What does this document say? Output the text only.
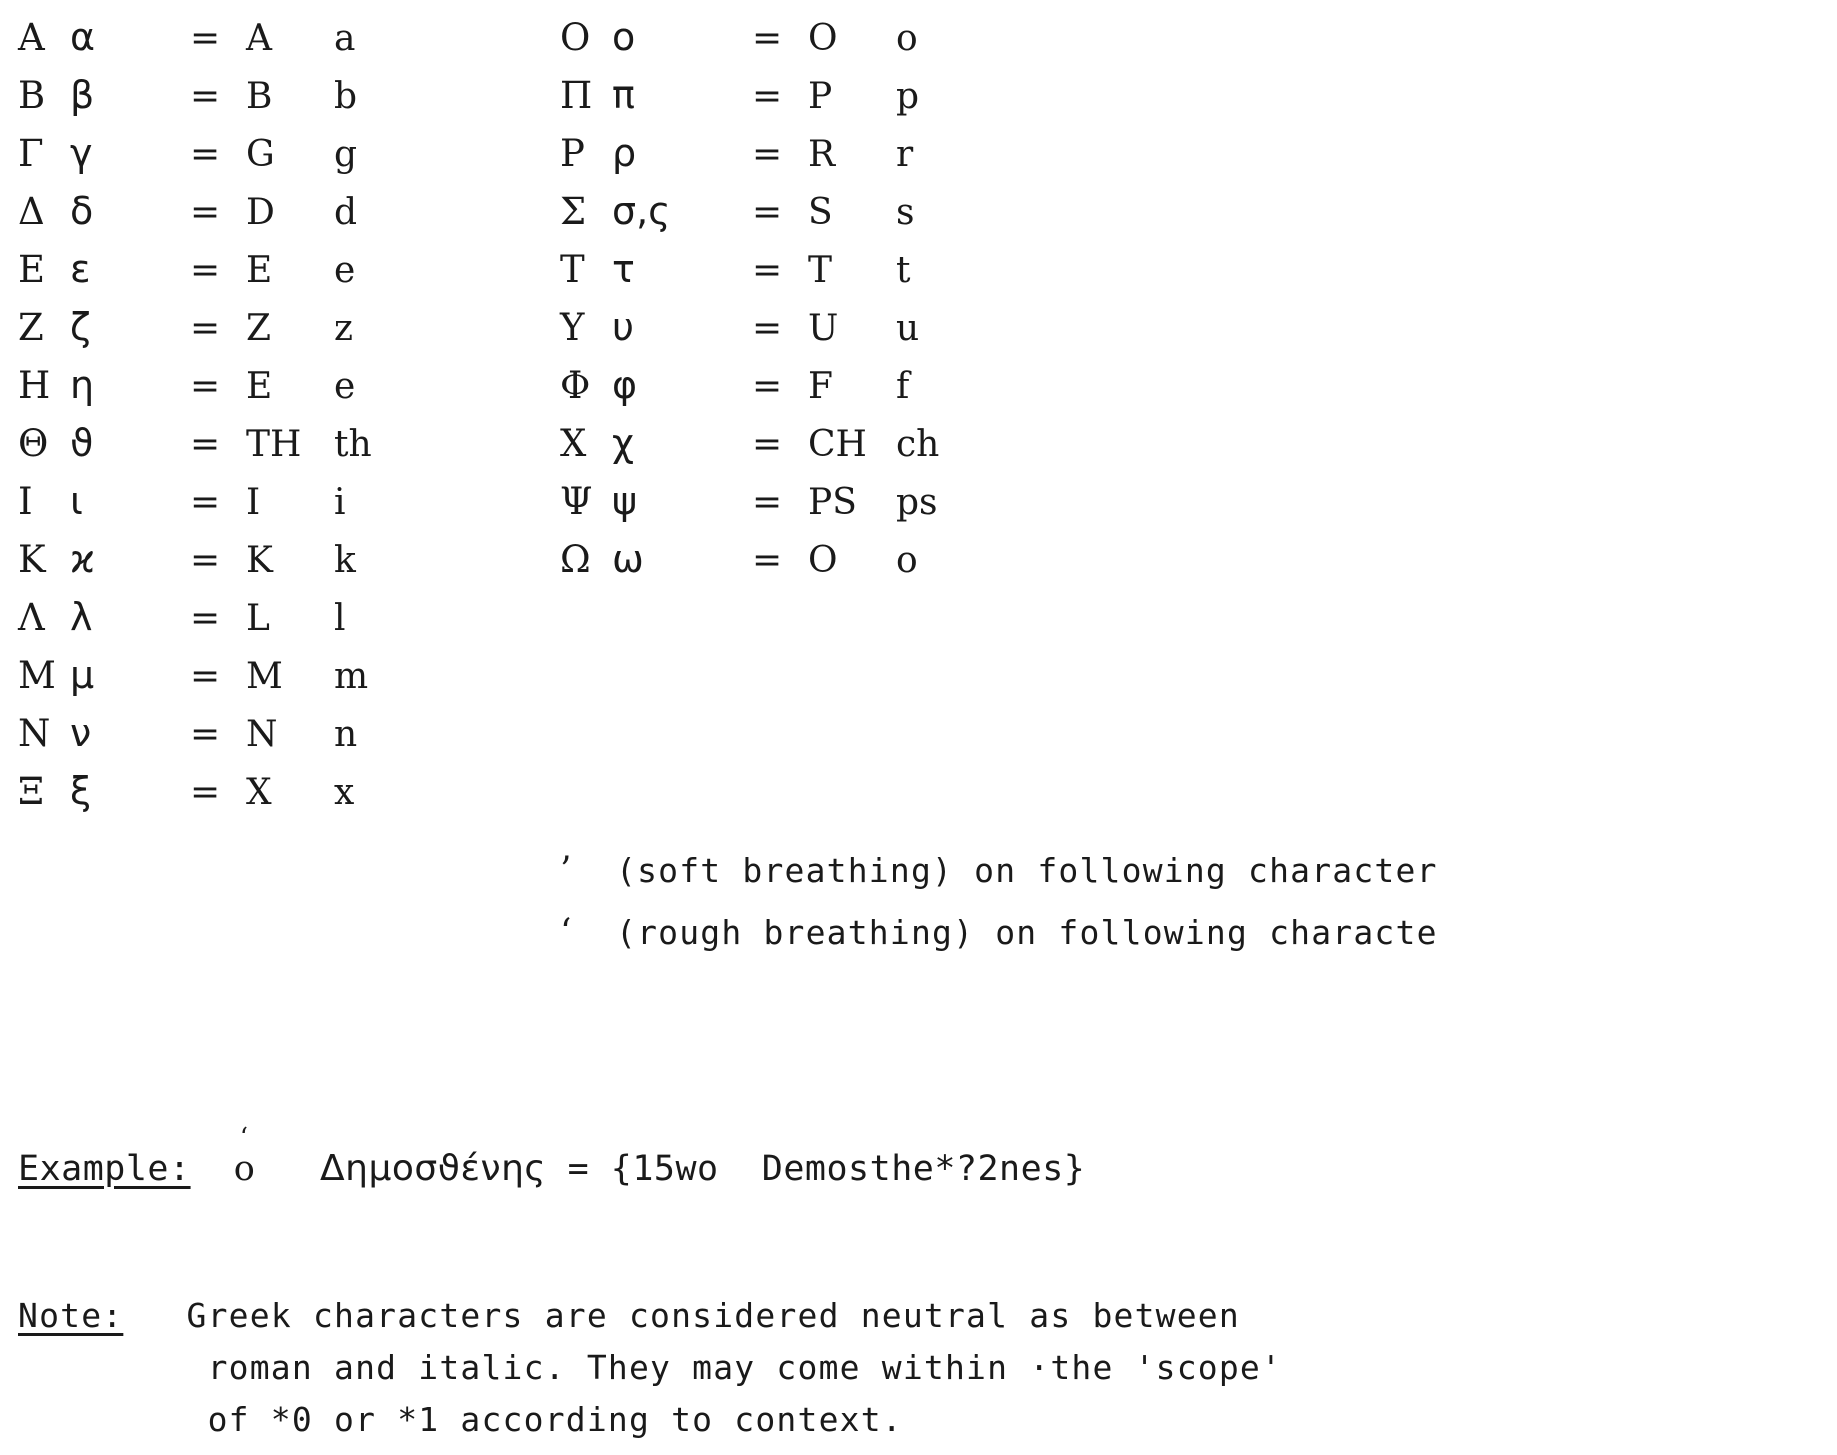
Α α	= A	a
Β β	= B	b
Γ γ	= G	g
Δ δ	= D	d
Ε ε	= E	e
Ζ ζ	= Z	z
Η η	= E	e
Θ ϑ	= TH th
Ι ι	= I	i
Κ ϰ	= K	k
Λ λ	= L	l
Μ μ	= M	m
Ν ν	= N	n
Ξ ξ	= X	x
Ο ο	= O	o
Π π	= P	p
Ρ ρ	= R	r
Σ σ,ς	= S	s
Τ τ	= T	t
Υ υ	= U	u
Φ φ	= F	f
X χ	= CH ch
Ψ ψ	= PS	ps
Ω ω	= O	o
’ (soft breathing) on following character
‘ (rough breathing) on following characte
Example:
‘
ο Δημοσϑένης = {15wo  Demosthe*?2nes}
Note: Greek characters are considered neutral as between
roman and italic. They may come within ·the 'scope'
of *0 or *1 according to context.
